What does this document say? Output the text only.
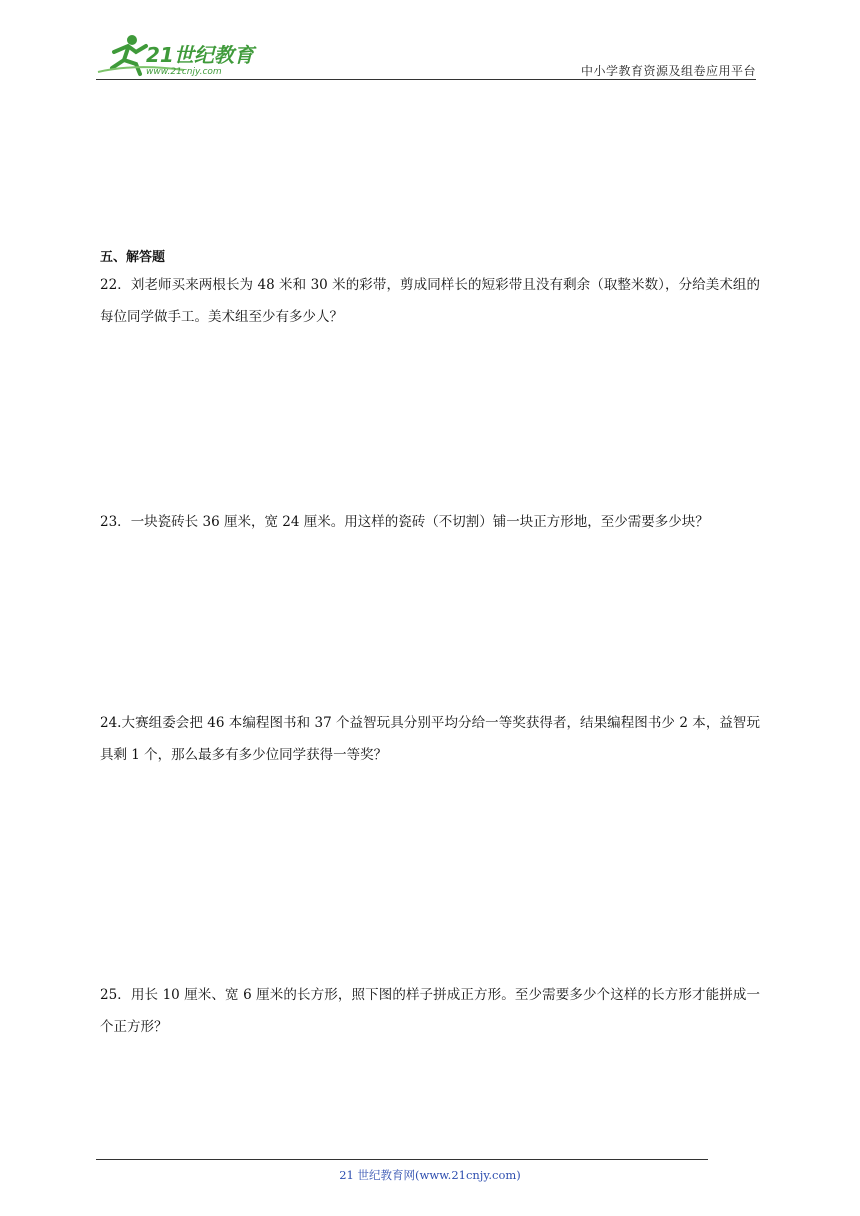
21世纪教育
www.21cnjy.com	中小学教育资源及组卷应用平台
五、解答题
22．刘老师买来两根长为 48 米和 30 米的彩带，剪成同样长的短彩带且没有剩余（取整米数），分给美术组的每位同学做手工。美术组至少有多少人？
23．一块瓷砖长 36 厘米，宽 24 厘米。用这样的瓷砖（不切割）铺一块正方形地，至少需要多少块？
24.大赛组委会把 46 本编程图书和 37 个益智玩具分别平均分给一等奖获得者，结果编程图书少 2 本，益智玩具剩 1 个，那么最多有多少位同学获得一等奖？
25．用长 10 厘米、宽 6 厘米的长方形，照下图的样子拼成正方形。至少需要多少个这样的长方形才能拼成一个正方形？
21 世纪教育网(www.21cnjy.com)
